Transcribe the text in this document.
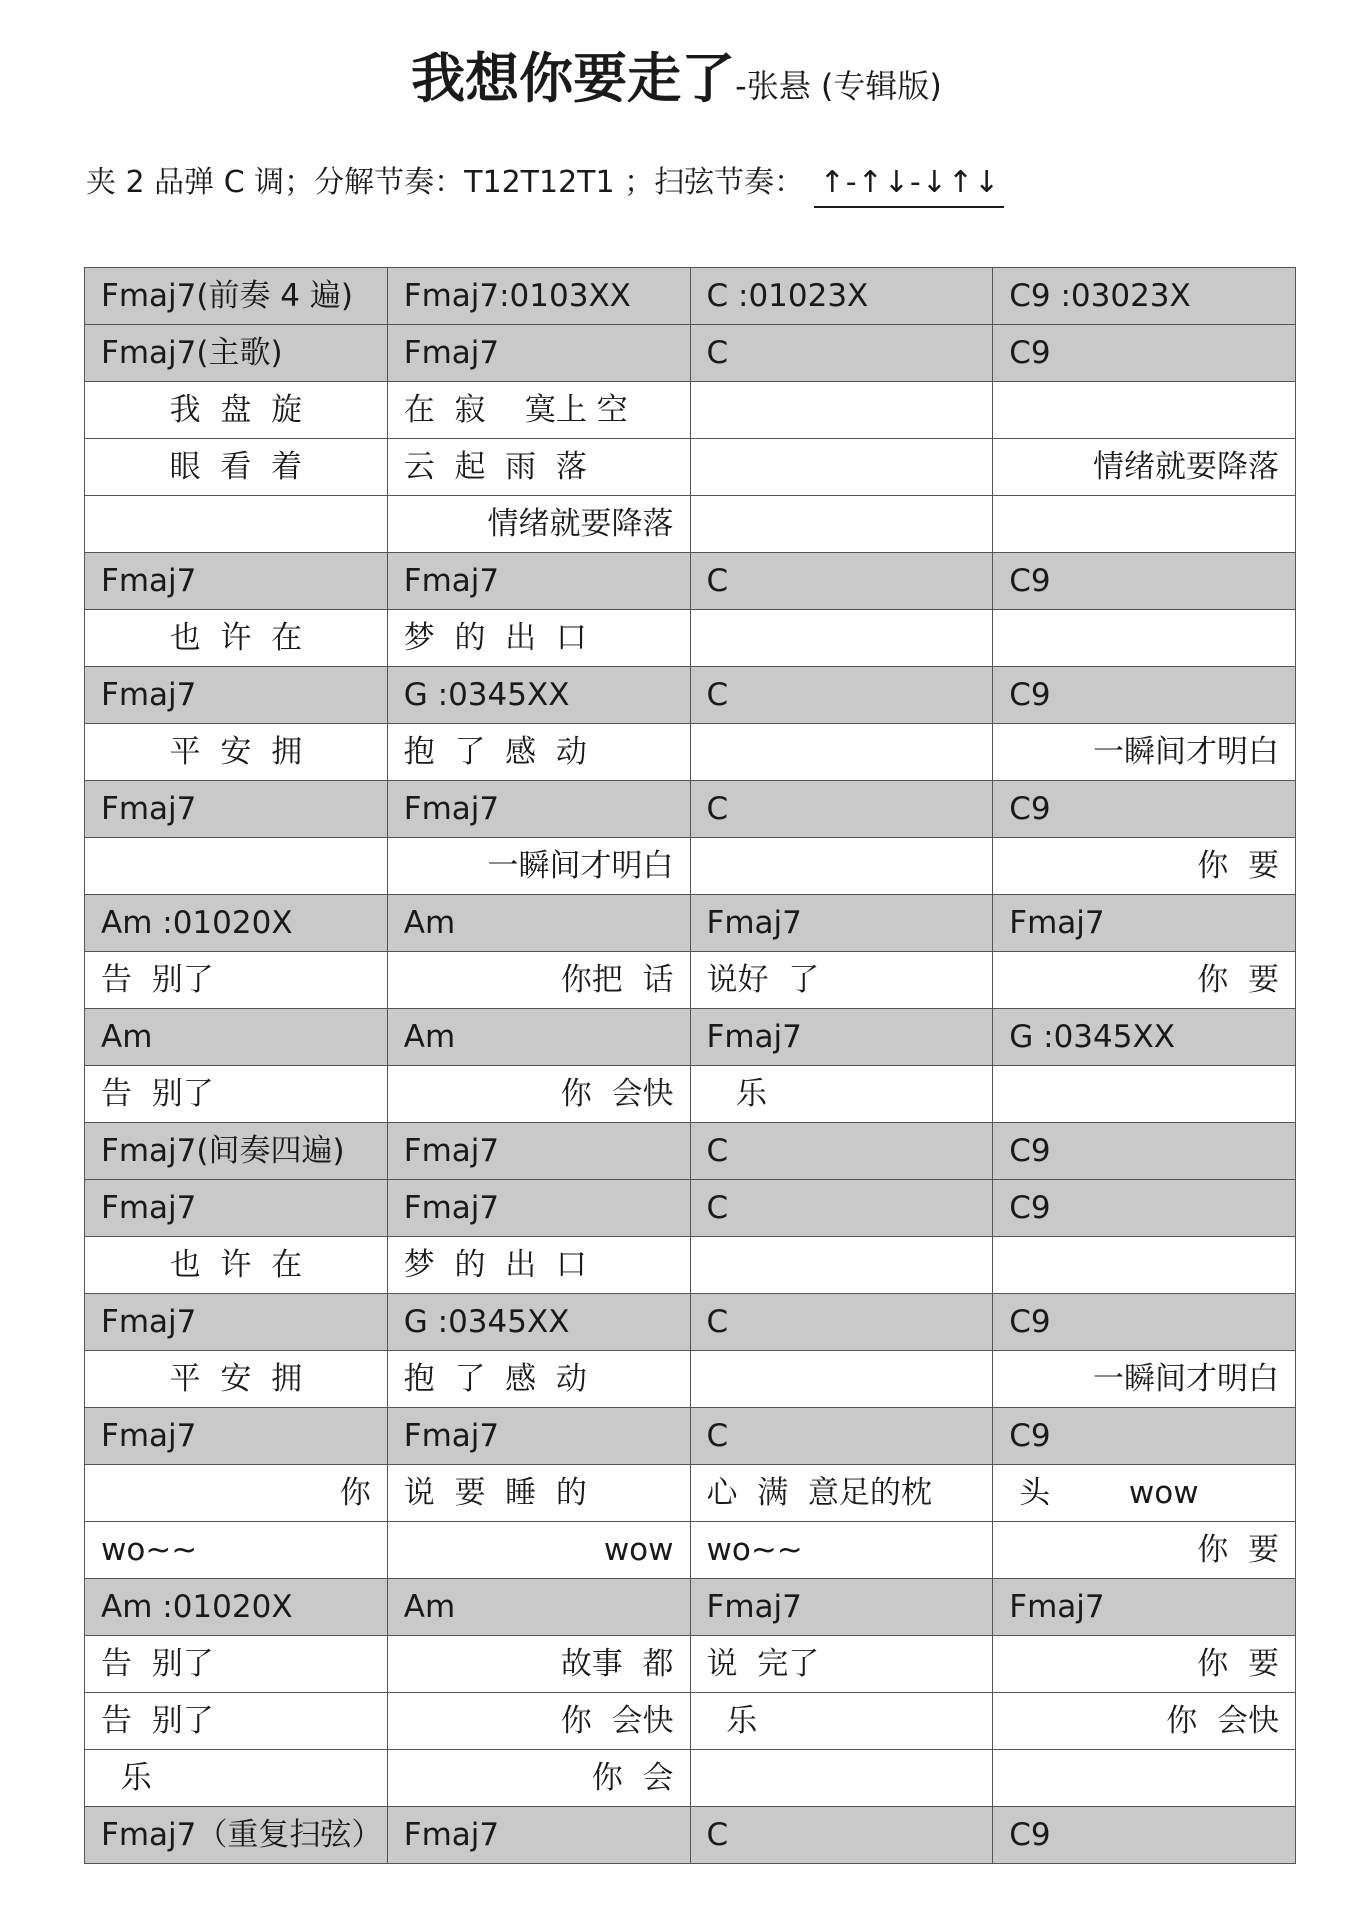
我想你要走了-张悬 (专辑版)
夹 2 品弹 C 调；分解节奏：T12T12T1 ；扫弦节奏： ↑-↑↓-↓↑↓
Fmaj7(前奏 4 遍)	Fmaj7:0103XX	C :01023X	C9 :03023X
Fmaj7(主歌)	Fmaj7	C	C9
我  盘  旋	在  寂    寞上 空		
眼  看  着	云  起  雨  落		情绪就要降落
	情绪就要降落		
Fmaj7	Fmaj7	C	C9
也  许  在	梦  的  出  口		
Fmaj7	G :0345XX	C	C9
平  安  拥	抱  了  感  动		一瞬间才明白
Fmaj7	Fmaj7	C	C9
	一瞬间才明白		你  要
Am :01020X	Am	Fmaj7	Fmaj7
告  别了	你把  话	说好  了	你  要
Am	Am	Fmaj7	G :0345XX
告  别了	你  会快	乐	
Fmaj7(间奏四遍)	Fmaj7	C	C9
Fmaj7	Fmaj7	C	C9
也  许  在	梦  的  出  口		
Fmaj7	G :0345XX	C	C9
平  安  拥	抱  了  感  动		一瞬间才明白
Fmaj7	Fmaj7	C	C9
你	说  要  睡  的	心  满  意足的枕	头        wow
wo~~	wow	wo~~	你  要
Am :01020X	Am	Fmaj7	Fmaj7
告  别了	故事  都	说  完了	你  要
告  别了	你  会快	乐	你  会快
乐	你  会		
Fmaj7（重复扫弦）	Fmaj7	C	C9
